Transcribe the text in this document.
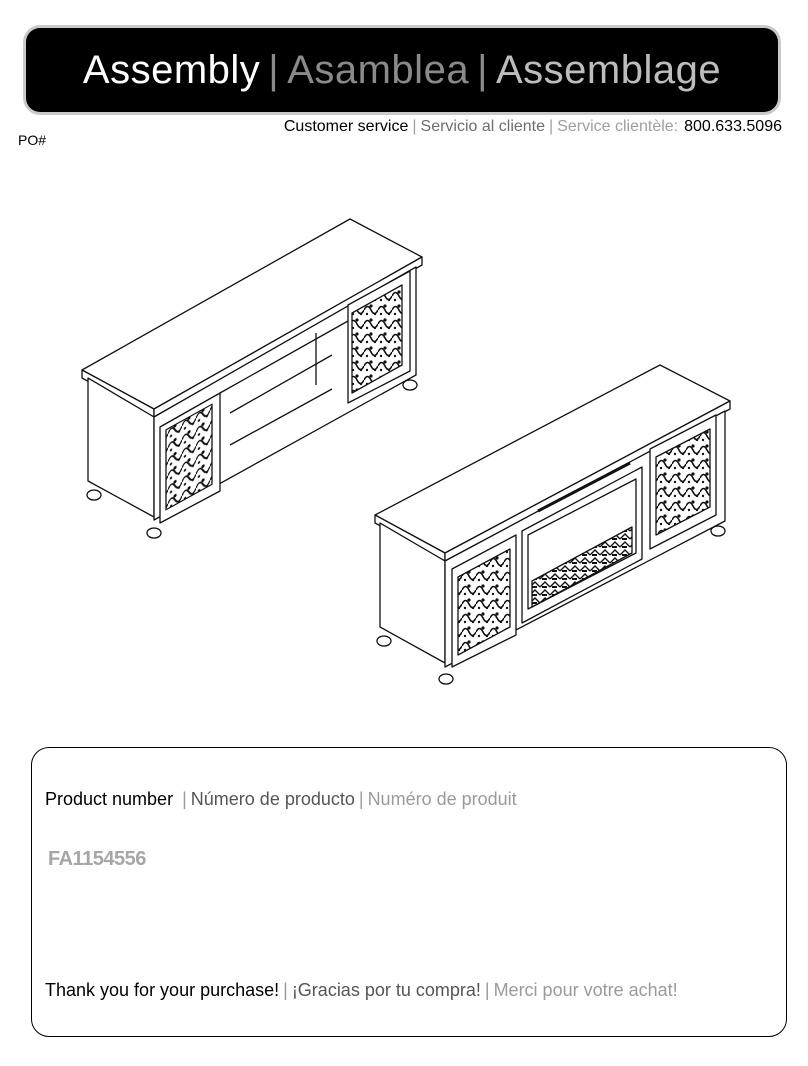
Assembly | Asamblea | Assemblage
Customer service | Servicio al cliente | Service clientèle: 800.633.5096
PO#
Product number | Número de producto | Numéro de produit
FA1154556
Thank you for your purchase! | ¡Gracias por tu compra! | Merci pour votre achat!
